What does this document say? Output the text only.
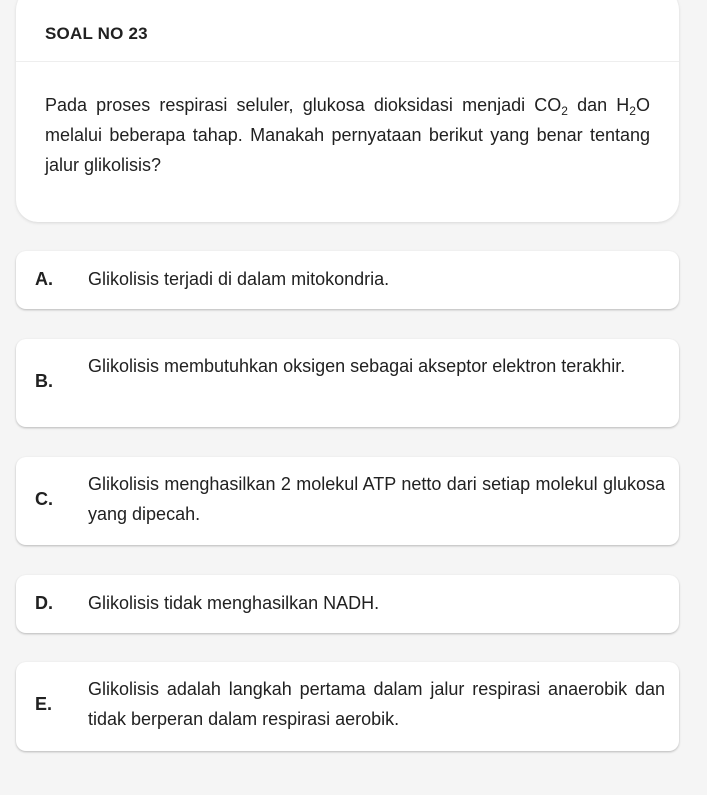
SOAL NO 23
Pada proses respirasi seluler, glukosa dioksidasi menjadi $CO_2$ dan $H_2O$ melalui beberapa tahap. Manakah pernyataan berikut yang benar tentang jalur glikolisis?
A. Glikolisis terjadi di dalam mitokondria.
B.
Glikolisis membutuhkan oksigen sebagai akseptor elektron terakhir.
C.
Glikolisis menghasilkan 2 molekul ATP netto dari setiap molekul glukosa yang dipecah.
D. Glikolisis tidak menghasilkan NADH.
E.
Glikolisis adalah langkah pertama dalam jalur respirasi anaerobik dan tidak berperan dalam respirasi aerobik.
